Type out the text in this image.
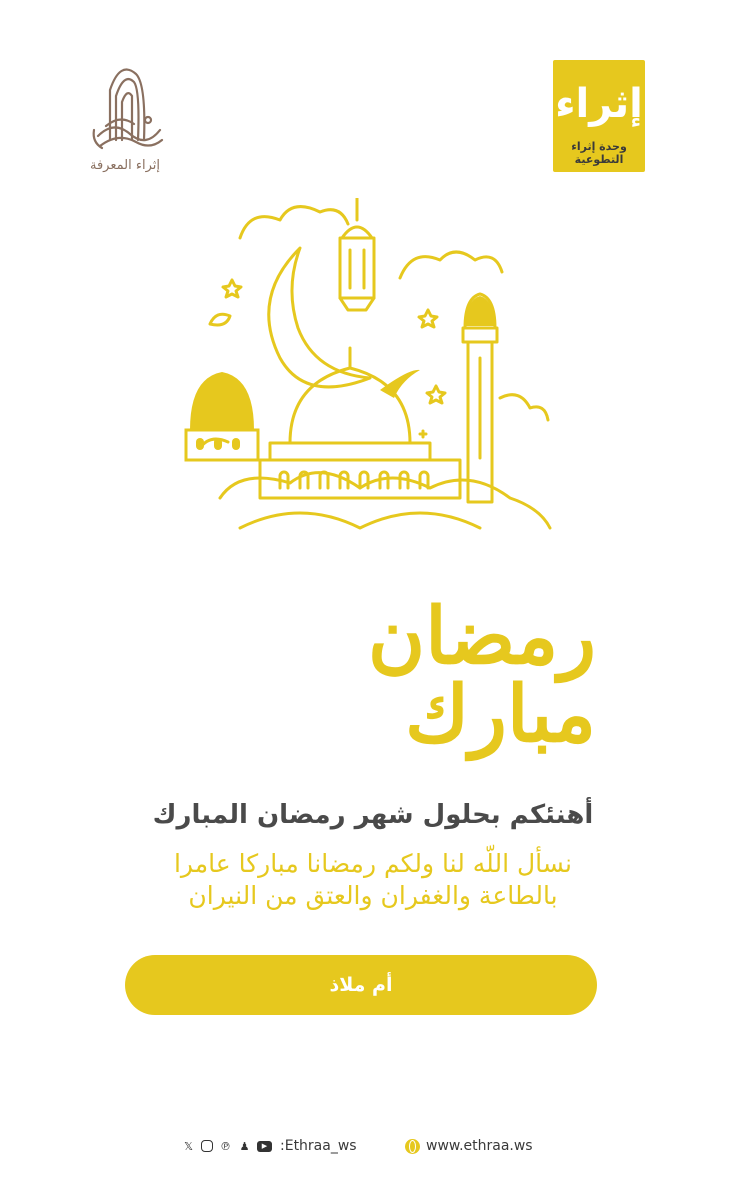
إثراء
وحدة إثراء التطوعية
إثراء المعرفة
رمضان مبارك
أهنئكم بحلول شهر رمضان المبارك
نسأل اللّه لنا ولكم رمضانا مباركا عامرا
بالطاعة والغفران والعتق من النيران
أم ملاذ
𝕏 ℗ ♟	▶ :Ethraa_ws	www.ethraa.ws
